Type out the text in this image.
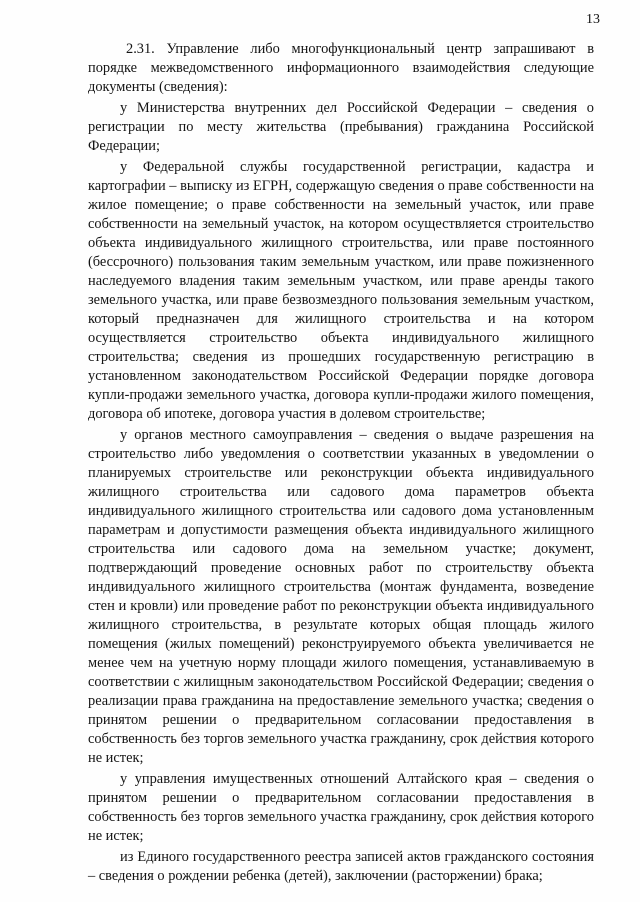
13

2.31. Управление либо многофункциональный центр запрашивают в порядке межведомственного информационного взаимодействия следующие документы (сведения):

у Министерства внутренних дел Российской Федерации – сведения о регистрации по месту жительства (пребывания) гражданина Российской Федерации;

у Федеральной службы государственной регистрации, кадастра и картографии – выписку из ЕГРН, содержащую сведения о праве собственности на жилое помещение; о праве собственности на земельный участок, или праве собственности на земельный участок, на котором осуществляется строительство объекта индивидуального жилищного строительства, или праве постоянного (бессрочного) пользования таким земельным участком, или праве пожизненного наследуемого владения таким земельным участком, или праве аренды такого земельного участка, или праве безвозмездного пользования земельным участком, который предназначен для жилищного строительства и на котором осуществляется строительство объекта индивидуального жилищного строительства; сведения из прошедших государственную регистрацию в установленном законодательством Российской Федерации порядке договора купли-продажи земельного участка, договора купли-продажи жилого помещения, договора об ипотеке, договора участия в долевом строительстве;

у органов местного самоуправления – сведения о выдаче разрешения на строительство либо уведомления о соответствии указанных в уведомлении о планируемых строительстве или реконструкции объекта индивидуального жилищного строительства или садового дома параметров объекта индивидуального жилищного строительства или садового дома установленным параметрам и допустимости размещения объекта индивидуального жилищного строительства или садового дома на земельном участке; документ, подтверждающий проведение основных работ по строительству объекта индивидуального жилищного строительства (монтаж фундамента, возведение стен и кровли) или проведение работ по реконструкции объекта индивидуального жилищного строительства, в результате которых общая площадь жилого помещения (жилых помещений) реконструируемого объекта увеличивается не менее чем на учетную норму площади жилого помещения, устанавливаемую в соответствии с жилищным законодательством Российской Федерации; сведения о реализации права гражданина на предоставление земельного участка; сведения о принятом решении о предварительном согласовании предоставления в собственность без торгов земельного участка гражданину, срок действия которого не истек;

у управления имущественных отношений Алтайского края – сведения о принятом решении о предварительном согласовании предоставления в собственность без торгов земельного участка гражданину, срок действия которого не истек;

из Единого государственного реестра записей актов гражданского состояния – сведения о рождении ребенка (детей), заключении (расторжении) брака;
